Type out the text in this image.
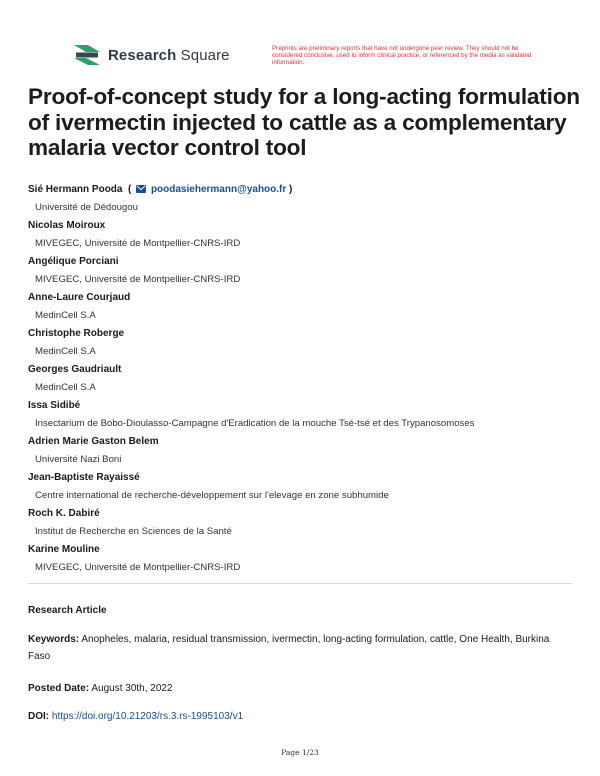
Research Square	Preprints are preliminary reports that have not undergone peer review. They should not be considered conclusive, used to inform clinical practice, or referenced by the media as validated information.
Proof-of-concept study for a long-acting formulation of ivermectin injected to cattle as a complementary malaria vector control tool
Sié Hermann Pooda ( poodasiehermann@yahoo.fr )
Université de Dédougou
Nicolas Moiroux
MIVEGEC, Université de Montpellier-CNRS-IRD
Angélique Porciani
MIVEGEC, Université de Montpellier-CNRS-IRD
Anne-Laure Courjaud
MedinCell S.A
Christophe Roberge
MedinCell S.A
Georges Gaudriault
MedinCell S.A
Issa Sidibé
Insectarium de Bobo-Dioulasso-Campagne d'Eradication de la mouche Tsé-tsé et des Trypanosomoses
Adrien Marie Gaston Belem
Université Nazi Boni
Jean-Baptiste Rayaissé
Centre international de recherche-développement sur l'elevage en zone subhumide
Roch K. Dabiré
Institut de Recherche en Sciences de la Santé
Karine Mouline
MIVEGEC, Université de Montpellier-CNRS-IRD
Research Article
Keywords: Anopheles, malaria, residual transmission, ivermectin, long-acting formulation, cattle, One Health, Burkina Faso
Posted Date: August 30th, 2022
DOI: https://doi.org/10.21203/rs.3.rs-1995103/v1
Page 1/23
